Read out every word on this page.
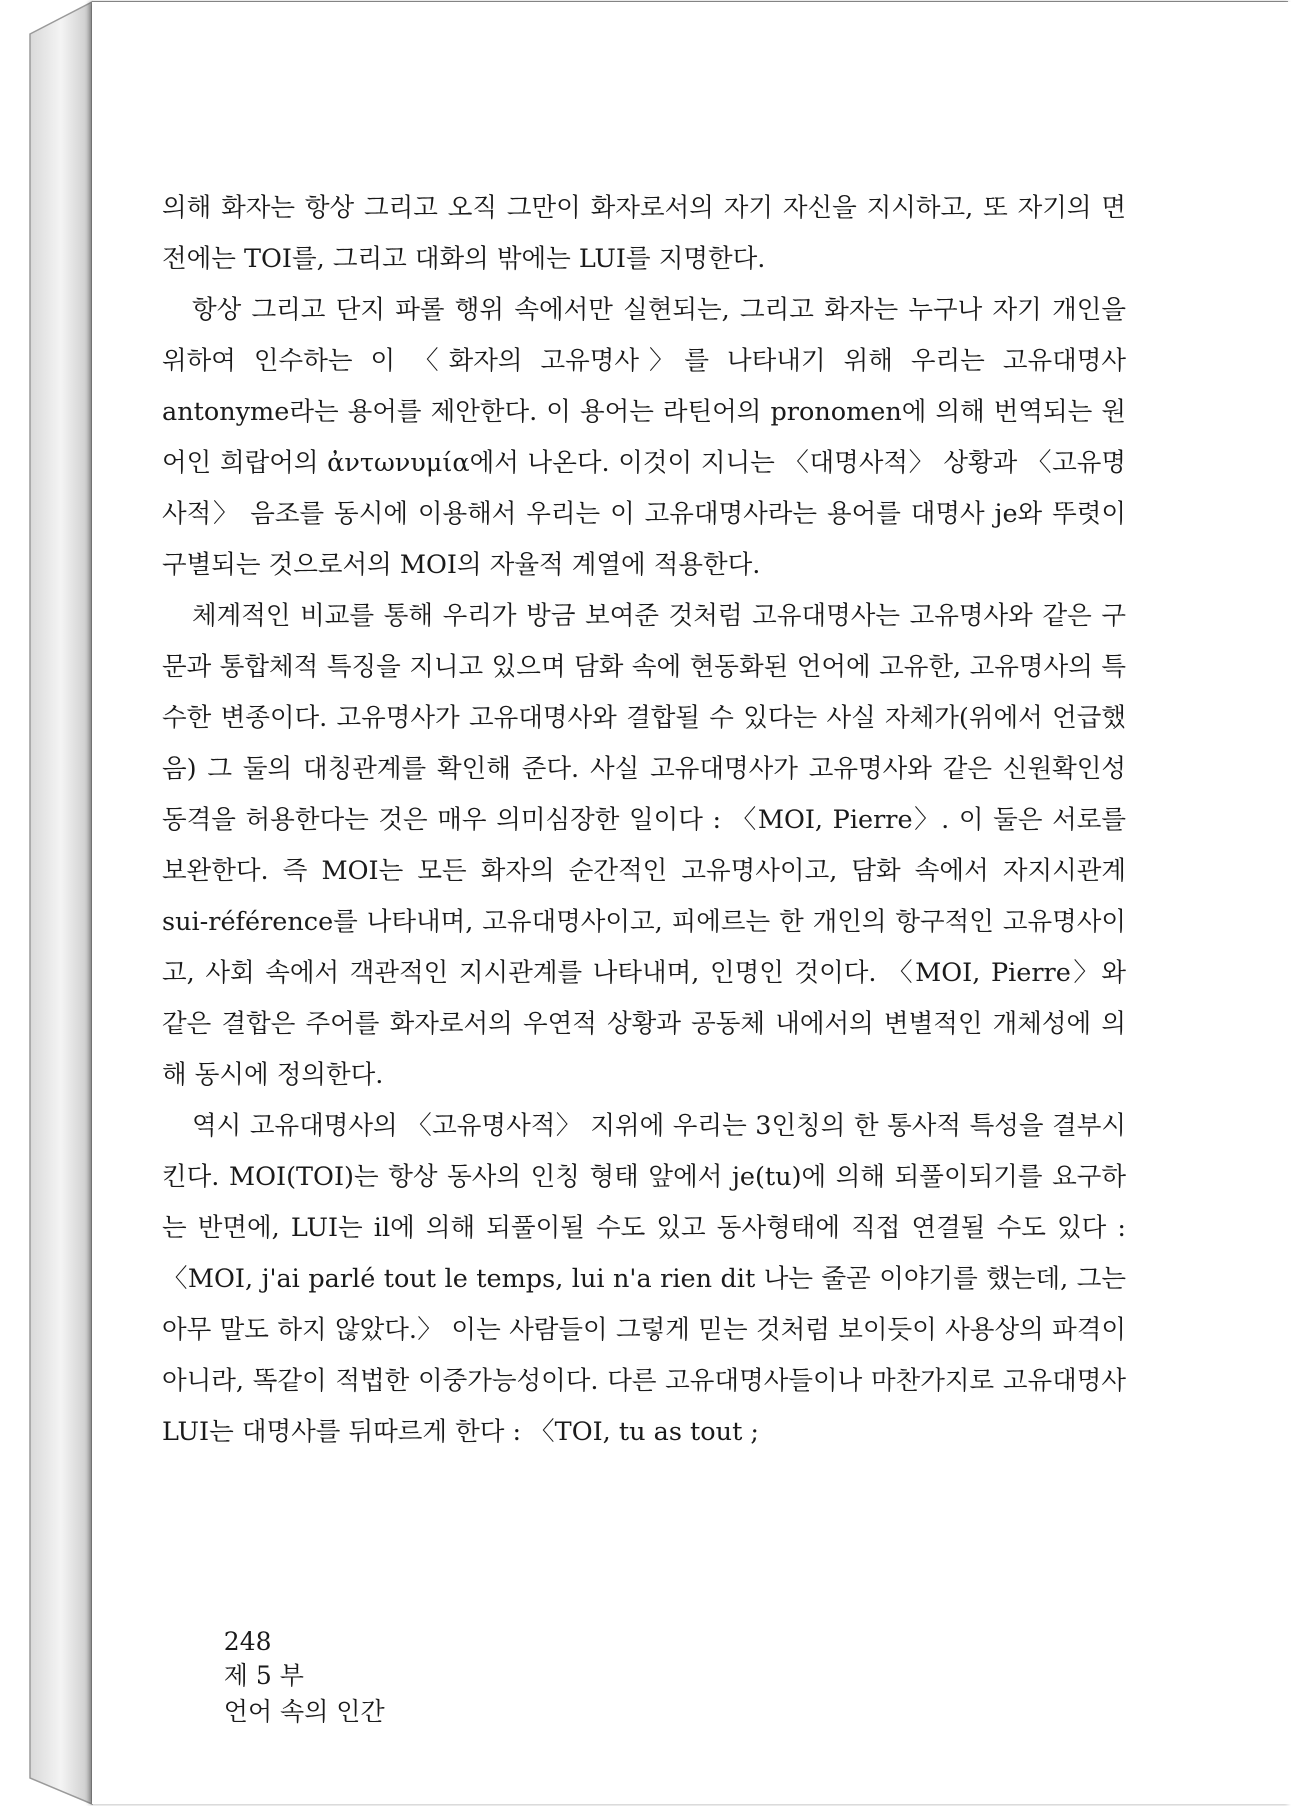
의해 화자는 항상 그리고 오직 그만이 화자로서의 자기 자신을 지시하고, 또 자기의 면전에는 TOI를, 그리고 대화의 밖에는 LUI를 지명한다.

항상 그리고 단지 파롤 행위 속에서만 실현되는, 그리고 화자는 누구나 자기 개인을 위하여 인수하는 이 〈화자의 고유명사〉를 나타내기 위해 우리는 고유대명사 antonyme라는 용어를 제안한다. 이 용어는 라틴어의 pronomen에 의해 번역되는 원어인 희랍어의 ἀντωνυμία에서 나온다. 이것이 지니는 〈대명사적〉 상황과 〈고유명사적〉 음조를 동시에 이용해서 우리는 이 고유대명사라는 용어를 대명사 je와 뚜렷이 구별되는 것으로서의 MOI의 자율적 계열에 적용한다.

체계적인 비교를 통해 우리가 방금 보여준 것처럼 고유대명사는 고유명사와 같은 구문과 통합체적 특징을 지니고 있으며 담화 속에 현동화된 언어에 고유한, 고유명사의 특수한 변종이다. 고유명사가 고유대명사와 결합될 수 있다는 사실 자체가(위에서 언급했음) 그 둘의 대칭관계를 확인해 준다. 사실 고유대명사가 고유명사와 같은 신원확인성 동격을 허용한다는 것은 매우 의미심장한 일이다 : 〈MOI, Pierre〉. 이 둘은 서로를 보완한다. 즉 MOI는 모든 화자의 순간적인 고유명사이고, 담화 속에서 자지시관계 sui-référence를 나타내며, 고유대명사이고, 피에르는 한 개인의 항구적인 고유명사이고, 사회 속에서 객관적인 지시관계를 나타내며, 인명인 것이다. 〈MOI, Pierre〉와 같은 결합은 주어를 화자로서의 우연적 상황과 공동체 내에서의 변별적인 개체성에 의해 동시에 정의한다.

역시 고유대명사의 〈고유명사적〉 지위에 우리는 3인칭의 한 통사적 특성을 결부시킨다. MOI(TOI)는 항상 동사의 인칭 형태 앞에서 je(tu)에 의해 되풀이되기를 요구하는 반면에, LUI는 il에 의해 되풀이될 수도 있고 동사형태에 직접 연결될 수도 있다 : 〈MOI, j'ai parlé tout le temps, lui n'a rien dit 나는 줄곧 이야기를 했는데, 그는 아무 말도 하지 않았다.〉 이는 사람들이 그렇게 믿는 것처럼 보이듯이 사용상의 파격이 아니라, 똑같이 적법한 이중가능성이다. 다른 고유대명사들이나 마찬가지로 고유대명사 LUI는 대명사를 뒤따르게 한다 : 〈TOI, tu as tout ;

248
제 5 부
언어 속의 인간
